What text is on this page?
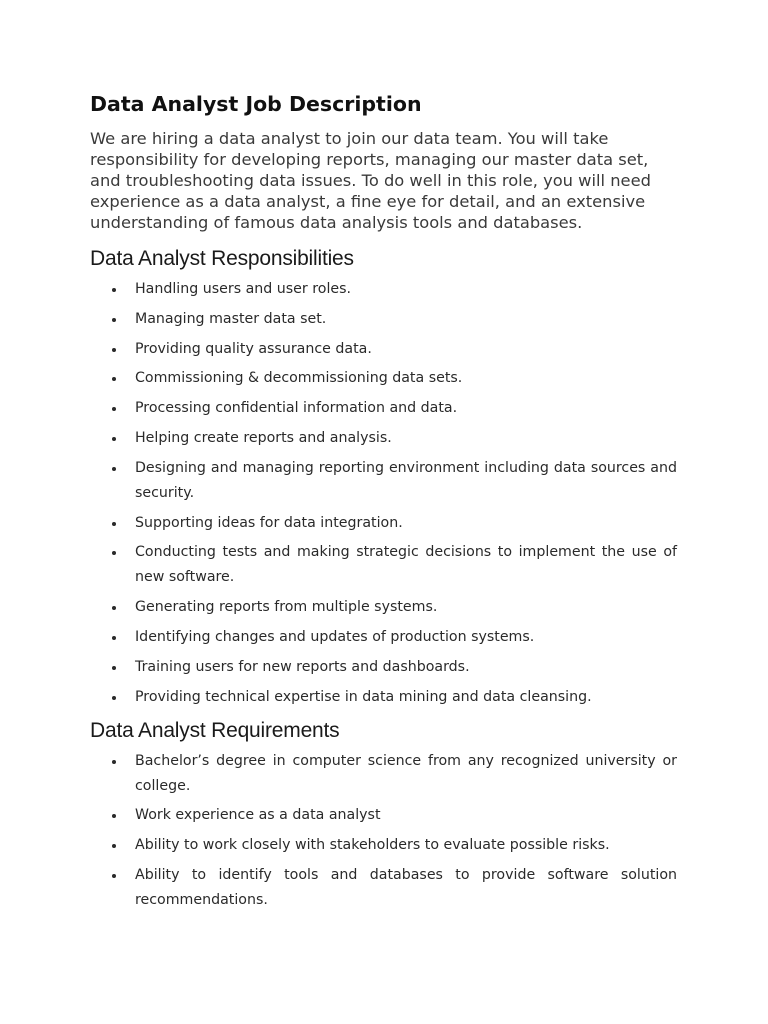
Data Analyst Job Description

We are hiring a data analyst to join our data team. You will take responsibility for developing reports, managing our master data set, and troubleshooting data issues. To do well in this role, you will need experience as a data analyst, a fine eye for detail, and an extensive understanding of famous data analysis tools and databases.

Data Analyst Responsibilities
Handling users and user roles.
Managing master data set.
Providing quality assurance data.
Commissioning & decommissioning data sets.
Processing confidential information and data.
Helping create reports and analysis.
Designing and managing reporting environment including data sources and security.
Supporting ideas for data integration.
Conducting tests and making strategic decisions to implement the use of new software.
Generating reports from multiple systems.
Identifying changes and updates of production systems.
Training users for new reports and dashboards.
Providing technical expertise in data mining and data cleansing.
Data Analyst Requirements
Bachelor’s degree in computer science from any recognized university or college.
Work experience as a data analyst
Ability to work closely with stakeholders to evaluate possible risks.
Ability to identify tools and databases to provide software solution recommendations.
